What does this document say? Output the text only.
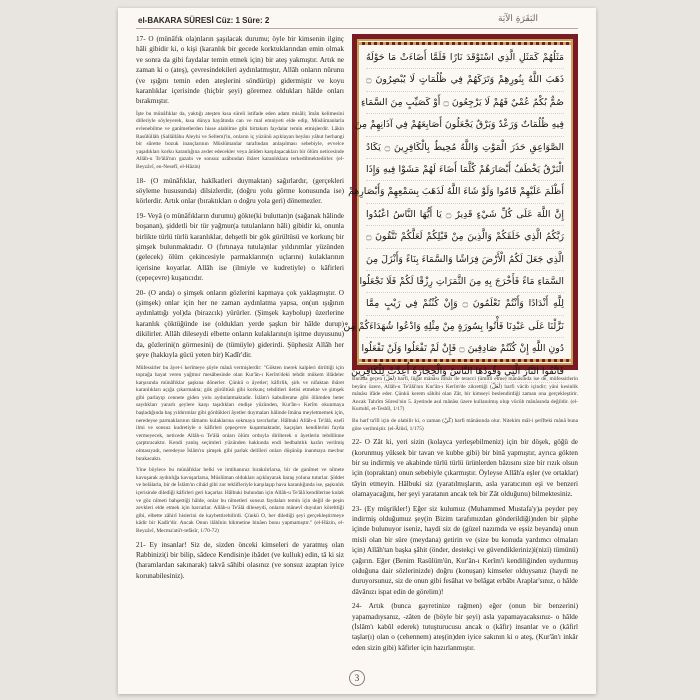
el-BAKARA SÜRESİ Cüz: 1 Sûre: 2	البَقَرَةِ الآيَة

17- O (münâfık ola)nların şaşılacak durumu; öyle bir kimsenin ilginç hâli gibidir ki, o kişi (karanlık bir gecede korktuklarından emin olmak ve sonra da gibi faydalar temin etmek için) bir ateş yakmıştır. Artık ne zaman ki o (ateş), çevresindekileri aydınlatmıştır, Allâh onların nûrunu (ve ışığını temin eden ateşlerini söndürüp) gidermiştir ve koyu karanlıklar içerisinde (hiçbir şeyi) göremez oldukları hâlde onları bırakmıştır.

İşte bu münâfıklar da, yaktığı ateşten kısa süreli istifade eden adam misâli; îmân kelimesini dilleriyle söyleyerek, kısa dünya hayâtında can ve mal emniyeti elde edip, Müslümanlarla evlenebilme ve ganîmetlerden hisse alabilme gibi birtakım faydalar temin etmişlerdir. Lâkin Rasûlüllâh (Sallâllâhu Aleyhi ve Sellem)'in, onların iç yüzünü açıklayan beyânı yâhut herhangi bir sûrette bozuk inançlarının Müslümanlar tarafından anlaşılması sebebiyle, evvelce yaşadıkları korku karanlığına avdet edecekler veya ânîden karşılaşacakları bir ölüm neticesinde Allâh-u Te'âlâ'nın gazabı ve sonsuz azâbından ibâret karanlıklara terkedilmektedirler. (el-Beyzâvî, en-Nesefî, el-Hâzin)

18- (O münâfıklar, hakîkatleri duymaktan) sağırlardır, (gerçekleri söyleme hususunda) dilsizlerdir, (doğru yolu görme konusunda ise) körlerdir. Artık onlar (bıraktıkları o doğru yola geri) dönemezler.

19- Veyâ (o münâfıkların durumu) gökte(ki buluttan)n (sağanak hâlinde boşanan), şiddetli bir tür yağmur(a tutulanların hâli) gibidir ki, onunla birlikte türlü türlü karanlıklar, dehşetli bir gök gürültüsü ve korkunç bir şimşek bulunmaktadır. O (fırtınaya tutula)nlar yıldırımlar yüzünden (gelecek) ölüm çekincesiyle parmaklarını(n uçlarını) kulaklarının içerisine koyarlar. Allâh ise (ilmiyle ve kudretiyle) o kâfirleri (çepeçevre) kuşatıcıdır.

20- (O anda) o şimşek onların gözlerini kapmaya çok yaklaşmıştır. O (şimşek) onlar için her ne zaman aydınlatma yapsa, on(un ışığının aydınlattığı yol)da (birazcık) yürürler. (Şimşek kaybolup) üzerlerine karanlık çöktüğünde ise (oldukları yerde şaşkın bir hâlde durup) dikilirler. Allâh dileseydi elbette onların kulaklarını(n işitme duyusunu) da, gözlerini(n görmesini) de (tümüyle) giderirdi. Şüphesiz Allâh her şeye (hakkıyla gücü yeten bir) Kadîr'dir.

Müfessirler bu âyet-i kerîmeye şöyle mânâ vermişlerdir: "Gökten inerek kalpleri diriltiği için toprağa hayat veren yağmur mesâbesinde olan Kur'ân-ı Kerîm'deki tehdit mükem illâdeler karşısında münâfıklar şaşkına dönerler. Çünkü o âyetler; kâfirlik, şirk ve nifaktan ibâret karanlıkları açığa çıkarmakta; gök gürültüsü gibi korkunç tehditleri iletisi etmekte ve şimşek gibi parlayıp cennete giden yolu aydınlatmaktadır. İslâm'ı kabullenme gibi ölümden beter saydıkları yararlı şeylere karşı taşıdıkları endişe yüzünden, Kur'ân-ı Kerîm okunmaya başladığında baş yıldırımlar gibi gördükleri âyetler duymaları hâlinde îmâna meyletmemek için, neredeyse parmaklarının tâmamı kulaklarına sokmaya tavırlarlar. Hâlbuki Allâh-u Te'âlâ, ezelî ilmi ve sonsuz kudretiyle o kâfirleri çepeçevre kuşatmaktadır, kaçışları kendilerini fayda vermeyecek, neticede Allâh-u Te'âlâ onları ölüm orduyla dirilterek o âyetlerin tebdilinne çarptıracaktır. Kendi yanlış seçimleri yüzünden hakkında endi bedbahtlık karârı verilmiş olmasıyadı, neredeyse İslâm'ın şimşek gibi parlak delilleri onları düşünüp inanmaya mecbur bırakacaktı.

Yine böylece bu münâfıklar belki ve imtihanınız bırakılırlarsa, bir de ganîmet ve nîmete kavuşarak aydınlığa kavuşarlarsa, Müslüman oldukları açıklayarak baraş yoluna tuturlar. Şiddet ve belâlarla, bir de İslâm'ın cihâd gibi zor teklifleriyle karşılaşıp hava karanlığında ise, şaşkınlık içerisinde dilediği kâfirleri geri kaçarlar. Hâlbuki bulundan için Allâh-u Te'âlâ kendilerine kulak ve göz nîmeti bahşettiği hâlde, onlar bu nîmetleri sonsuz faydaları temin için değil de peşin zevkleri elde etmek için harcarlar. Allâh-u Te'âlâ dileseydi, onların mânevî duyuları körelttiği gibi, elbette zâhirî hislerini de kaybettirebilirdi. Çünkü O, her dilediği şeyi gerçekleştirmeye kâdir bir Kadîr'dir. Ancak Onun ilâhînin hikmetine binâen bunu yapmamıştır." (el-Hâzin, el-Beyzâvî, Mecma'atü't-tefâsîr, 1/70-72)

21- Ey insanlar! Siz de, sizden önceki kimseleri de yaratmış olan Rabbinizi(i bir bilip, sâdece Kendisin)e ibâdet (ve kulluk) edin, tâ ki siz (haramlardan sakınarak) takvâ sâhibi olasınız (ve sonsuz azaptan iyice korunabilesiniz).

مَثَلُهُمْ كَمَثَلِ الَّذِي اسْتَوْقَدَ نَارًا فَلَمَّا أَضَاءَتْ مَا حَوْلَهُ
ذَهَبَ اللَّهُ بِنُورِهِمْ وَتَرَكَهُمْ فِي ظُلُمَاتٍ لَا يُبْصِرُونَ ۝
صُمٌّ بُكْمٌ عُمْيٌ فَهُمْ لَا يَرْجِعُونَ ۝ أَوْ كَصَيِّبٍ مِنَ السَّمَاءِ
فِيهِ ظُلُمَاتٌ وَرَعْدٌ وَبَرْقٌ يَجْعَلُونَ أَصَابِعَهُمْ فِي آذَانِهِمْ مِنَ
الصَّوَاعِقِ حَذَرَ الْمَوْتِ وَاللَّهُ مُحِيطٌ بِالْكَافِرِينَ ۝ يَكَادُ
الْبَرْقُ يَخْطَفُ أَبْصَارَهُمْ كُلَّمَا أَضَاءَ لَهُمْ مَشَوْا فِيهِ وَإِذَا
أَظْلَمَ عَلَيْهِمْ قَامُوا وَلَوْ شَاءَ اللَّهُ لَذَهَبَ بِسَمْعِهِمْ وَأَبْصَارِهِمْ
إِنَّ اللَّهَ عَلَى كُلِّ شَيْءٍ قَدِيرٌ ۝ يَا أَيُّهَا النَّاسُ اعْبُدُوا
رَبَّكُمُ الَّذِي خَلَقَكُمْ وَالَّذِينَ مِنْ قَبْلِكُمْ لَعَلَّكُمْ تَتَّقُونَ ۝
الَّذِي جَعَلَ لَكُمُ الْأَرْضَ فِرَاشًا وَالسَّمَاءَ بِنَاءً وَأَنْزَلَ مِنَ
السَّمَاءِ مَاءً فَأَخْرَجَ بِهِ مِنَ الثَّمَرَاتِ رِزْقًا لَكُمْ فَلَا تَجْعَلُوا
لِلَّهِ أَنْدَادًا وَأَنْتُمْ تَعْلَمُونَ ۝ وَإِنْ كُنْتُمْ فِي رَيْبٍ مِمَّا
نَزَّلْنَا عَلَى عَبْدِنَا فَأْتُوا بِسُورَةٍ مِنْ مِثْلِهِ وَادْعُوا شُهَدَاءَكُمْ مِنْ
دُونِ اللَّهِ إِنْ كُنْتُمْ صَادِقِينَ ۝ فَإِنْ لَمْ تَفْعَلُوا وَلَنْ تَفْعَلُوا
فَاتَّقُوا النَّارَ الَّتِي وَقُودُهَا النَّاسُ وَالْحِجَارَةُ أُعِدَّتْ لِلْكَافِرِينَ

Burada geçen (لَعَلَّ) harfi, lügat mânâsı itibâr ile teracci (ümitli etme) mânâsında ise de, müfessirlerin beyânı üzere, Allâh-u Te'âlâ'nın Kur'ân-ı Kerîm'de zikrettiği (لَعَلَّ) harfi vâcib içindir; yâni kesinlik mânâsı ifâde eder. Çünkü kerem sâhibi olan Zât, bir kimseyi beslendirdiği zaman ona gerçekleştirir. Ancak Tahrîm Sûresi'nin 5. âyetinde asıl mânâsı üzere kullanılmış olup vücûb mânâsında değildir. (el-Kurtubî, et-Teshîl, 1/17)

Bu harf ta'lîl için de olabilir ki, o zaman (كَيْ) harfi mânâsında olur. Nitekim mâl-i şerîfteki mânâ buna göre verilmiştir. (el-Âlûsî, 1/175)

22- O Zât ki, yeri sizin (kolayca yerleşebilmeniz) için bir döşek, göğü de (korunmuş yüksek bir tavan ve kubbe gibi) bir binâ yapmıştır, ayrıca gökten bir su indirmiş ve akabinde türlü türlü ürünlerden bâzısını size bir rızık olsun için (topraktan) onun sebebiyle çıkarmıştır. Öyleyse Allâh'a eşler (ve ortaklar) tâyin etmeyin. Hâlbuki siz (yaratılmışların, asla yaratıcının eşi ve benzeri olamayacağını, her şeyi yaratanın ancak tek bir Zât olduğunu) bilmektesiniz.

23- (Ey müşrikler!) Eğer siz kulumuz (Muhammed Mustafa'y)a peyder pey indirmiş olduğumuz şey(in Bizim tarafımızdan gönderildiği)nden bir şüphe içinde bulunuyor iseniz, haydi siz de (güzel nazımda ve eşsiz beyanda) onun misli olan bir süre (meydana) getirin ve (size bu konuda yardımcı olmaları için) Allâh'tan başka şâhit (önder, destekçi ve güvendikleriniz)i(nizi) tümünü) çağırın. Eğer (Benim Rasûlüm'ün, Kur'ân-ı Kerîm'i kendiliğinden uydurmuş olduğuna dair sözlerinizde) doğru (konuşan) kimseler olduysanız (haydi ne duruyorsunuz, siz de onun gibi fesâhat ve belâgat erbâbı Araplar'sınız, o hâlde dâvânızı ispat edin de görelim)!

24- Artık (bunca gayretinize rağmen) eğer (onun bir benzerini) yapamadıysanız, -zâten de (böyle bir şeyi) asla yapamayacaksınız- o hâlde (İslâm'ı kabûl ederek) tutuşturucusu ancak o (kâfir) insanlar ve o (kâfirl taşlar(ı) olan o (cehennem) ateş(in)den iyice sakının ki o ateş, (Kur'ân'ı inkâr eden sizin gibi) kâfirler için hazırlanmıştır.

3
